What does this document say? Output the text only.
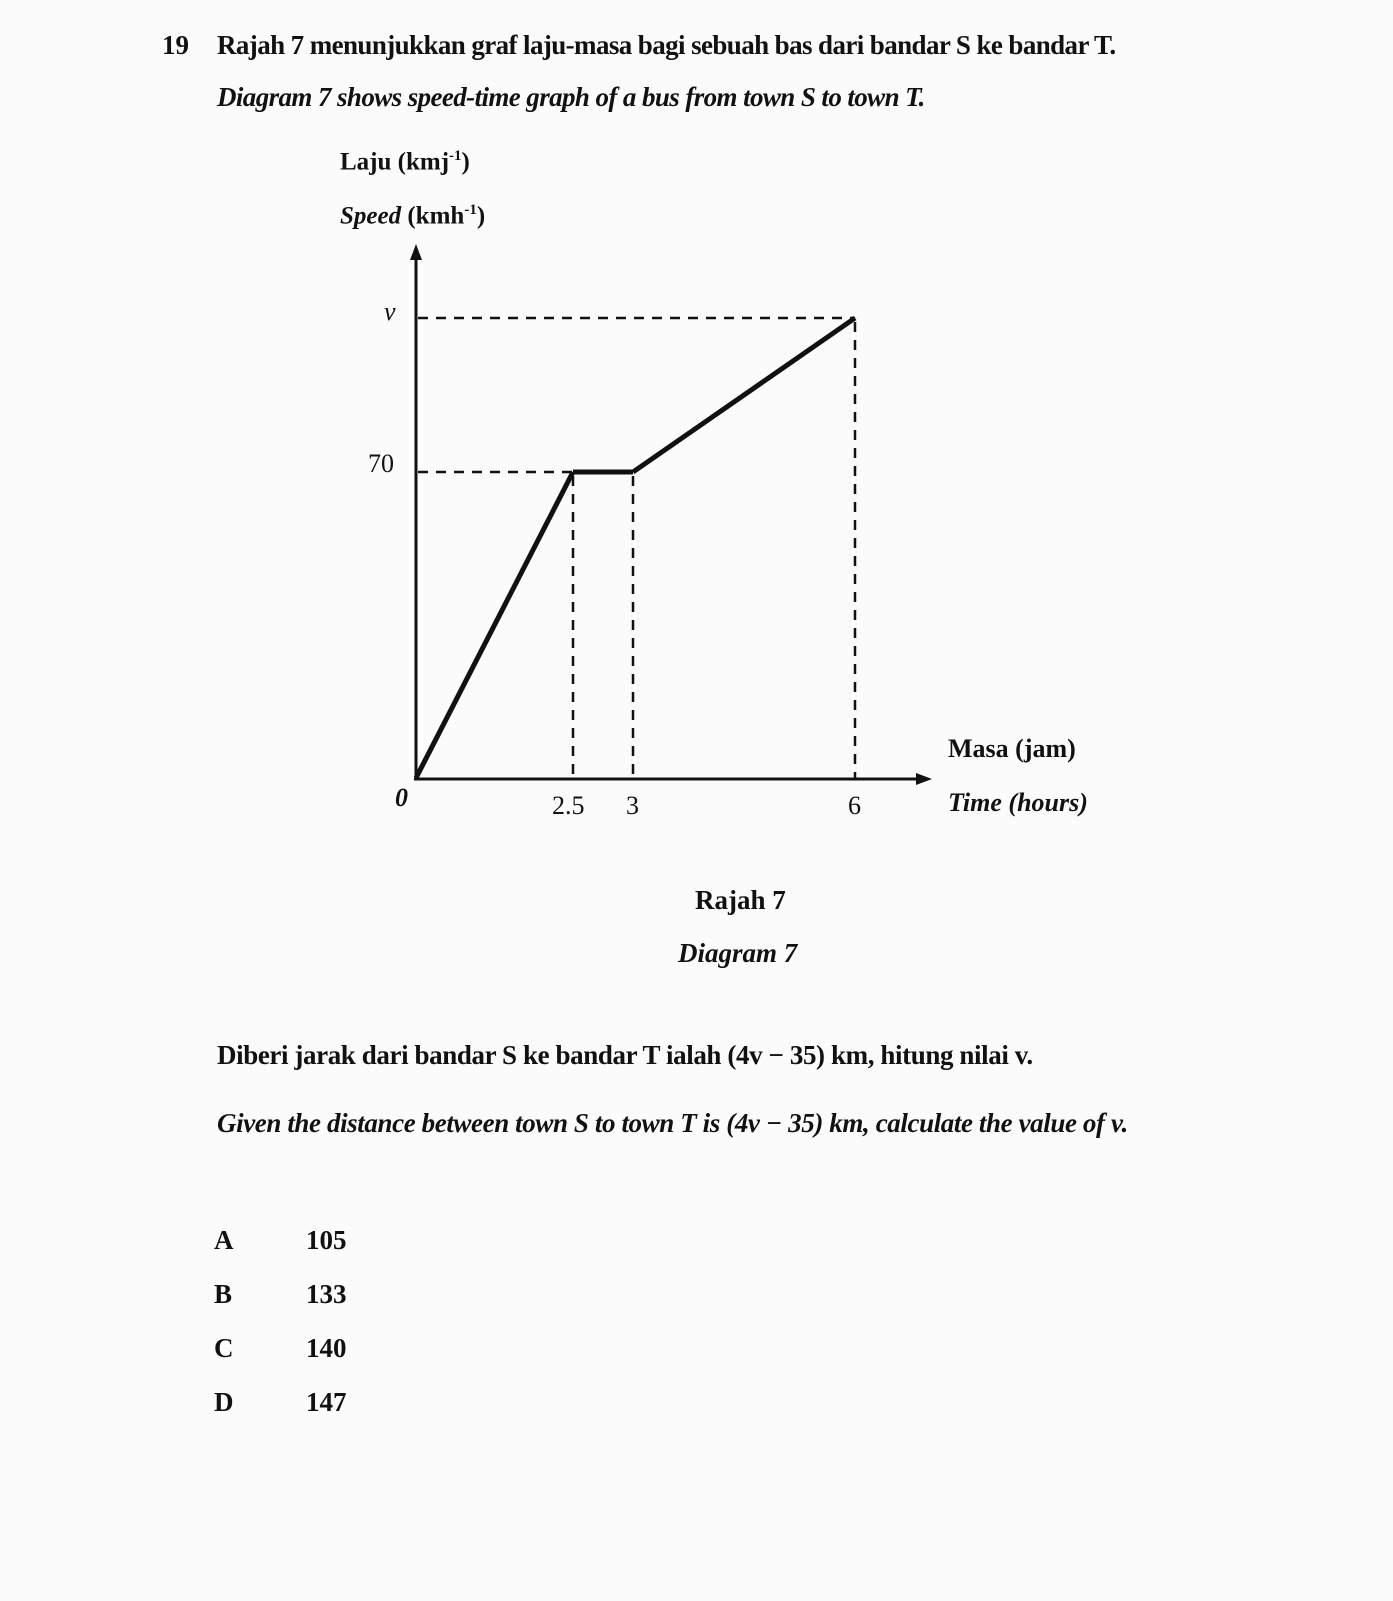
19 Rajah 7 menunjukkan graf laju-masa bagi sebuah bas dari bandar S ke bandar T.
Diagram 7 shows speed-time graph of a bus from town S to town T.
Laju (kmj$^{-1}$)
Speed (kmh$^{-1}$)
v
70
0	2.5 3	6
Masa (jam)
Time (hours)
Rajah 7
Diagram 7
Diberi jarak dari bandar S ke bandar T ialah (4v − 35) km, hitung nilai v.
Given the distance between town S to town T is (4v − 35) km, calculate the value of v.
A	105
B	133
C	140
D	147
